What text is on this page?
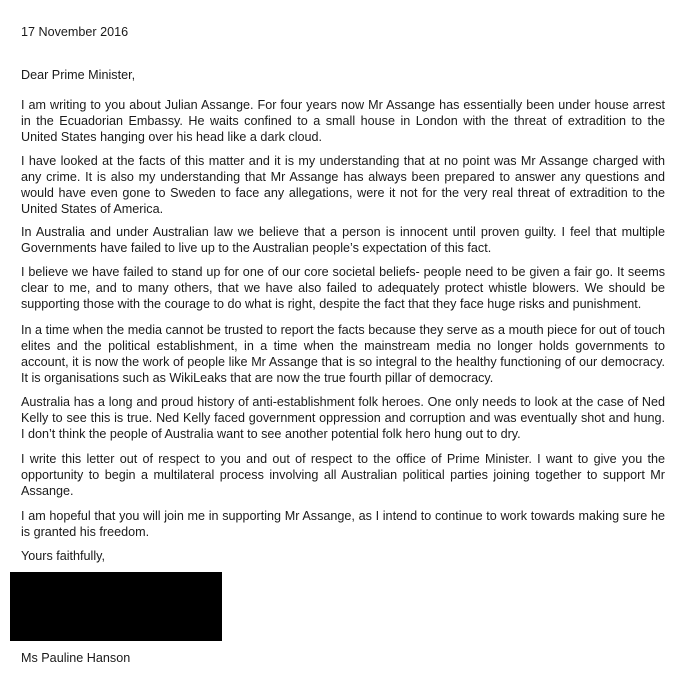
17 November 2016
Dear Prime Minister,

I am writing to you about Julian Assange. For four years now Mr Assange has essentially been under house arrest in the Ecuadorian Embassy. He waits confined to a small house in London with the threat of extradition to the United States hanging over his head like a dark cloud.

I have looked at the facts of this matter and it is my understanding that at no point was Mr Assange charged with any crime. It is also my understanding that Mr Assange has always been prepared to answer any questions and would have even gone to Sweden to face any allegations, were it not for the very real threat of extradition to the United States of America.

In Australia and under Australian law we believe that a person is innocent until proven guilty. I feel that multiple Governments have failed to live up to the Australian people’s expectation of this fact.

I believe we have failed to stand up for one of our core societal beliefs- people need to be given a fair go. It seems clear to me, and to many others, that we have also failed to adequately protect whistle blowers. We should be supporting those with the courage to do what is right, despite the fact that they face huge risks and punishment.

In a time when the media cannot be trusted to report the facts because they serve as a mouth piece for out of touch elites and the political establishment, in a time when the mainstream media no longer holds governments to account, it is now the work of people like Mr Assange that is so integral to the healthy functioning of our democracy. It is organisations such as WikiLeaks that are now the true fourth pillar of democracy.

Australia has a long and proud history of anti-establishment folk heroes. One only needs to look at the case of Ned Kelly to see this is true. Ned Kelly faced government oppression and corruption and was eventually shot and hung. I don’t think the people of Australia want to see another potential folk hero hung out to dry.

I write this letter out of respect to you and out of respect to the office of Prime Minister. I want to give you the opportunity to begin a multilateral process involving all Australian political parties joining together to support Mr Assange.

I am hopeful that you will join me in supporting Mr Assange, as I intend to continue to work towards making sure he is granted his freedom.

Yours faithfully,
Ms Pauline Hanson
